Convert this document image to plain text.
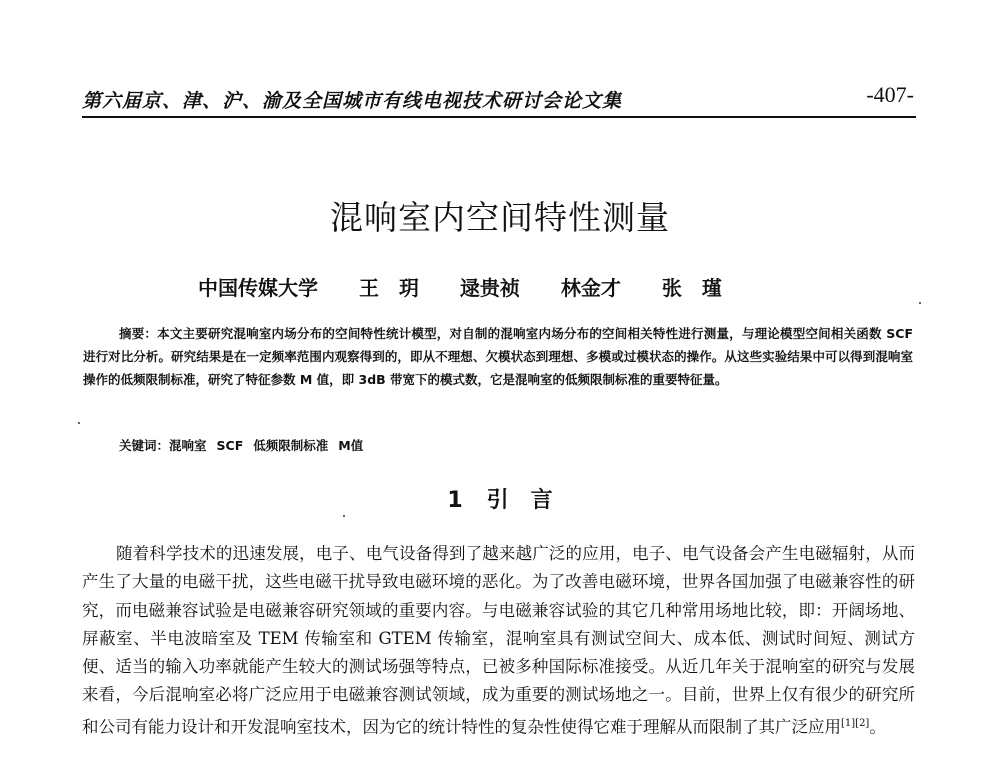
第六届京、津、沪、渝及全国城市有线电视技术研讨会论文集	-407-
混响室内空间特性测量
中国传媒大学 王　玥 逯贵祯 林金才 张　瑾
摘要：本文主要研究混响室内场分布的空间特性统计模型，对自制的混响室内场分布的空间相关特性进行测量，与理论模型空间相关函数 SCF 进行对比分析。研究结果是在一定频率范围内观察得到的，即从不理想、欠模状态到理想、多模或过模状态的操作。从这些实验结果中可以得到混响室操作的低频限制标准，研究了特征参数 M 值，即 3dB 带宽下的模式数，它是混响室的低频限制标准的重要特征量。
关键词：混响室 SCF 低频限制标准 M值
1 引　言
随着科学技术的迅速发展，电子、电气设备得到了越来越广泛的应用，电子、电气设备会产生电磁辐射，从而产生了大量的电磁干扰，这些电磁干扰导致电磁环境的恶化。为了改善电磁环境，世界各国加强了电磁兼容性的研究，而电磁兼容试验是电磁兼容研究领域的重要内容。与电磁兼容试验的其它几种常用场地比较，即：开阔场地、屏蔽室、半电波暗室及 TEM 传输室和 GTEM 传输室，混响室具有测试空间大、成本低、测试时间短、测试方便、适当的输入功率就能产生较大的测试场强等特点，已被多种国际标准接受。从近几年关于混响室的研究与发展来看，今后混响室必将广泛应用于电磁兼容测试领域，成为重要的测试场地之一。目前，世界上仅有很少的研究所和公司有能力设计和开发混响室技术，因为它的统计特性的复杂性使得它难于理解从而限制了其广泛应用[1][2]。
